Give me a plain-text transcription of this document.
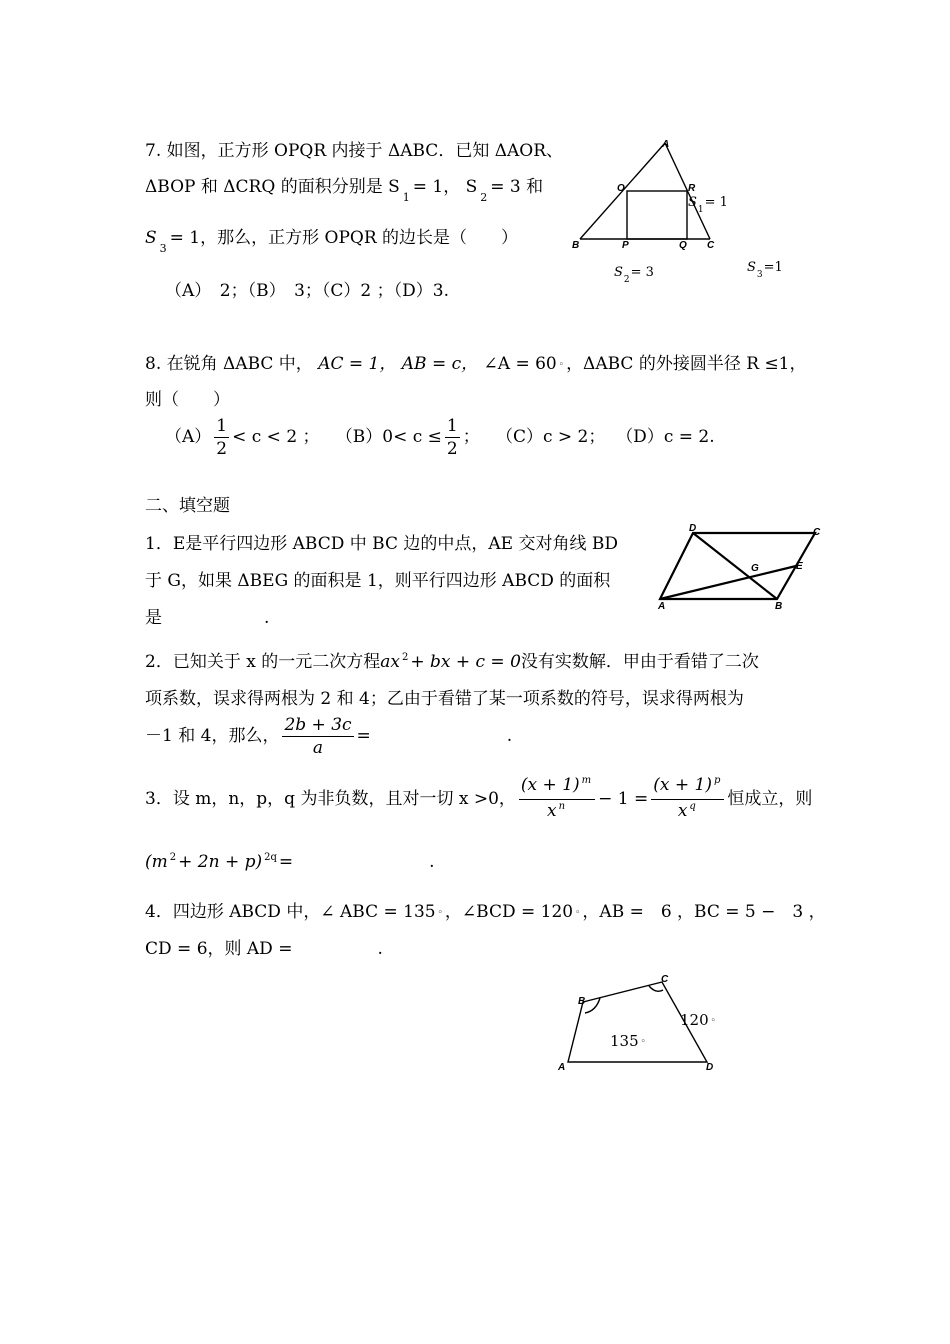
7. 如图，正方形 OPQR 内接于 ΔABC．已知 ΔAOR、
ΔBOP 和 ΔCRQ 的面积分别是 $S_1= 1$， $S_2= 3$ 和
$S_3= 1$，那么，正方形 OPQR 的边长是（　　）
（A）　2；（B）　3；（C）2 ；（D）3.
A
O	R
B	P	Q C
$S_1= 1$
$S_2= 3$	$S_3=1$
8. 在锐角 ΔABC 中， AC = 1， AB = c， ∠A = 60 ◦ ，ΔABC 的外接圆半径 R ≤1，
则（　　）
$(A) \frac{1}{2} < c < 2$ ； $(B)0< c \le \frac{1}{2}$ ； （C）c > 2； （D）c = 2.
二、填空题
1．E是平行四边形 ABCD 中 BC 边的中点，AE 交对角线 BD
于 G，如果 ΔBEG 的面积是 1，则平行四边形 ABCD 的面积
是　　　　　　.
D	C
G	E
A	B
2．已知关于 x 的一元二次方程ax $^2$ + bx + c = 0没有实数解．甲由于看错了二次
项系数，误求得两根为 2 和 4；乙由于看错了某一项系数的符号，误求得两根为
－1 和 4，那么， $\frac{2b + 3c}{a}$ =　　　　　　　　.
3．设 m，n，p，q 为非负数，且对一切 x >0， $\frac{(x + 1) ^m}{x ^n} - 1 = \frac{(x + 1) ^p}{x ^q}$ 恒成立，则
(m $^2$ + 2n + p) $^{2q}$ =　　　　　　　　.
4．四边形 ABCD 中，∠ ABC = 135 ◦ ，∠BCD = 120 ◦ ，AB =　6 ，BC = 5 −　3 ，
CD = 6，则 AD =　　　　　.
B
C
A	D
120 ◦
135 ◦
